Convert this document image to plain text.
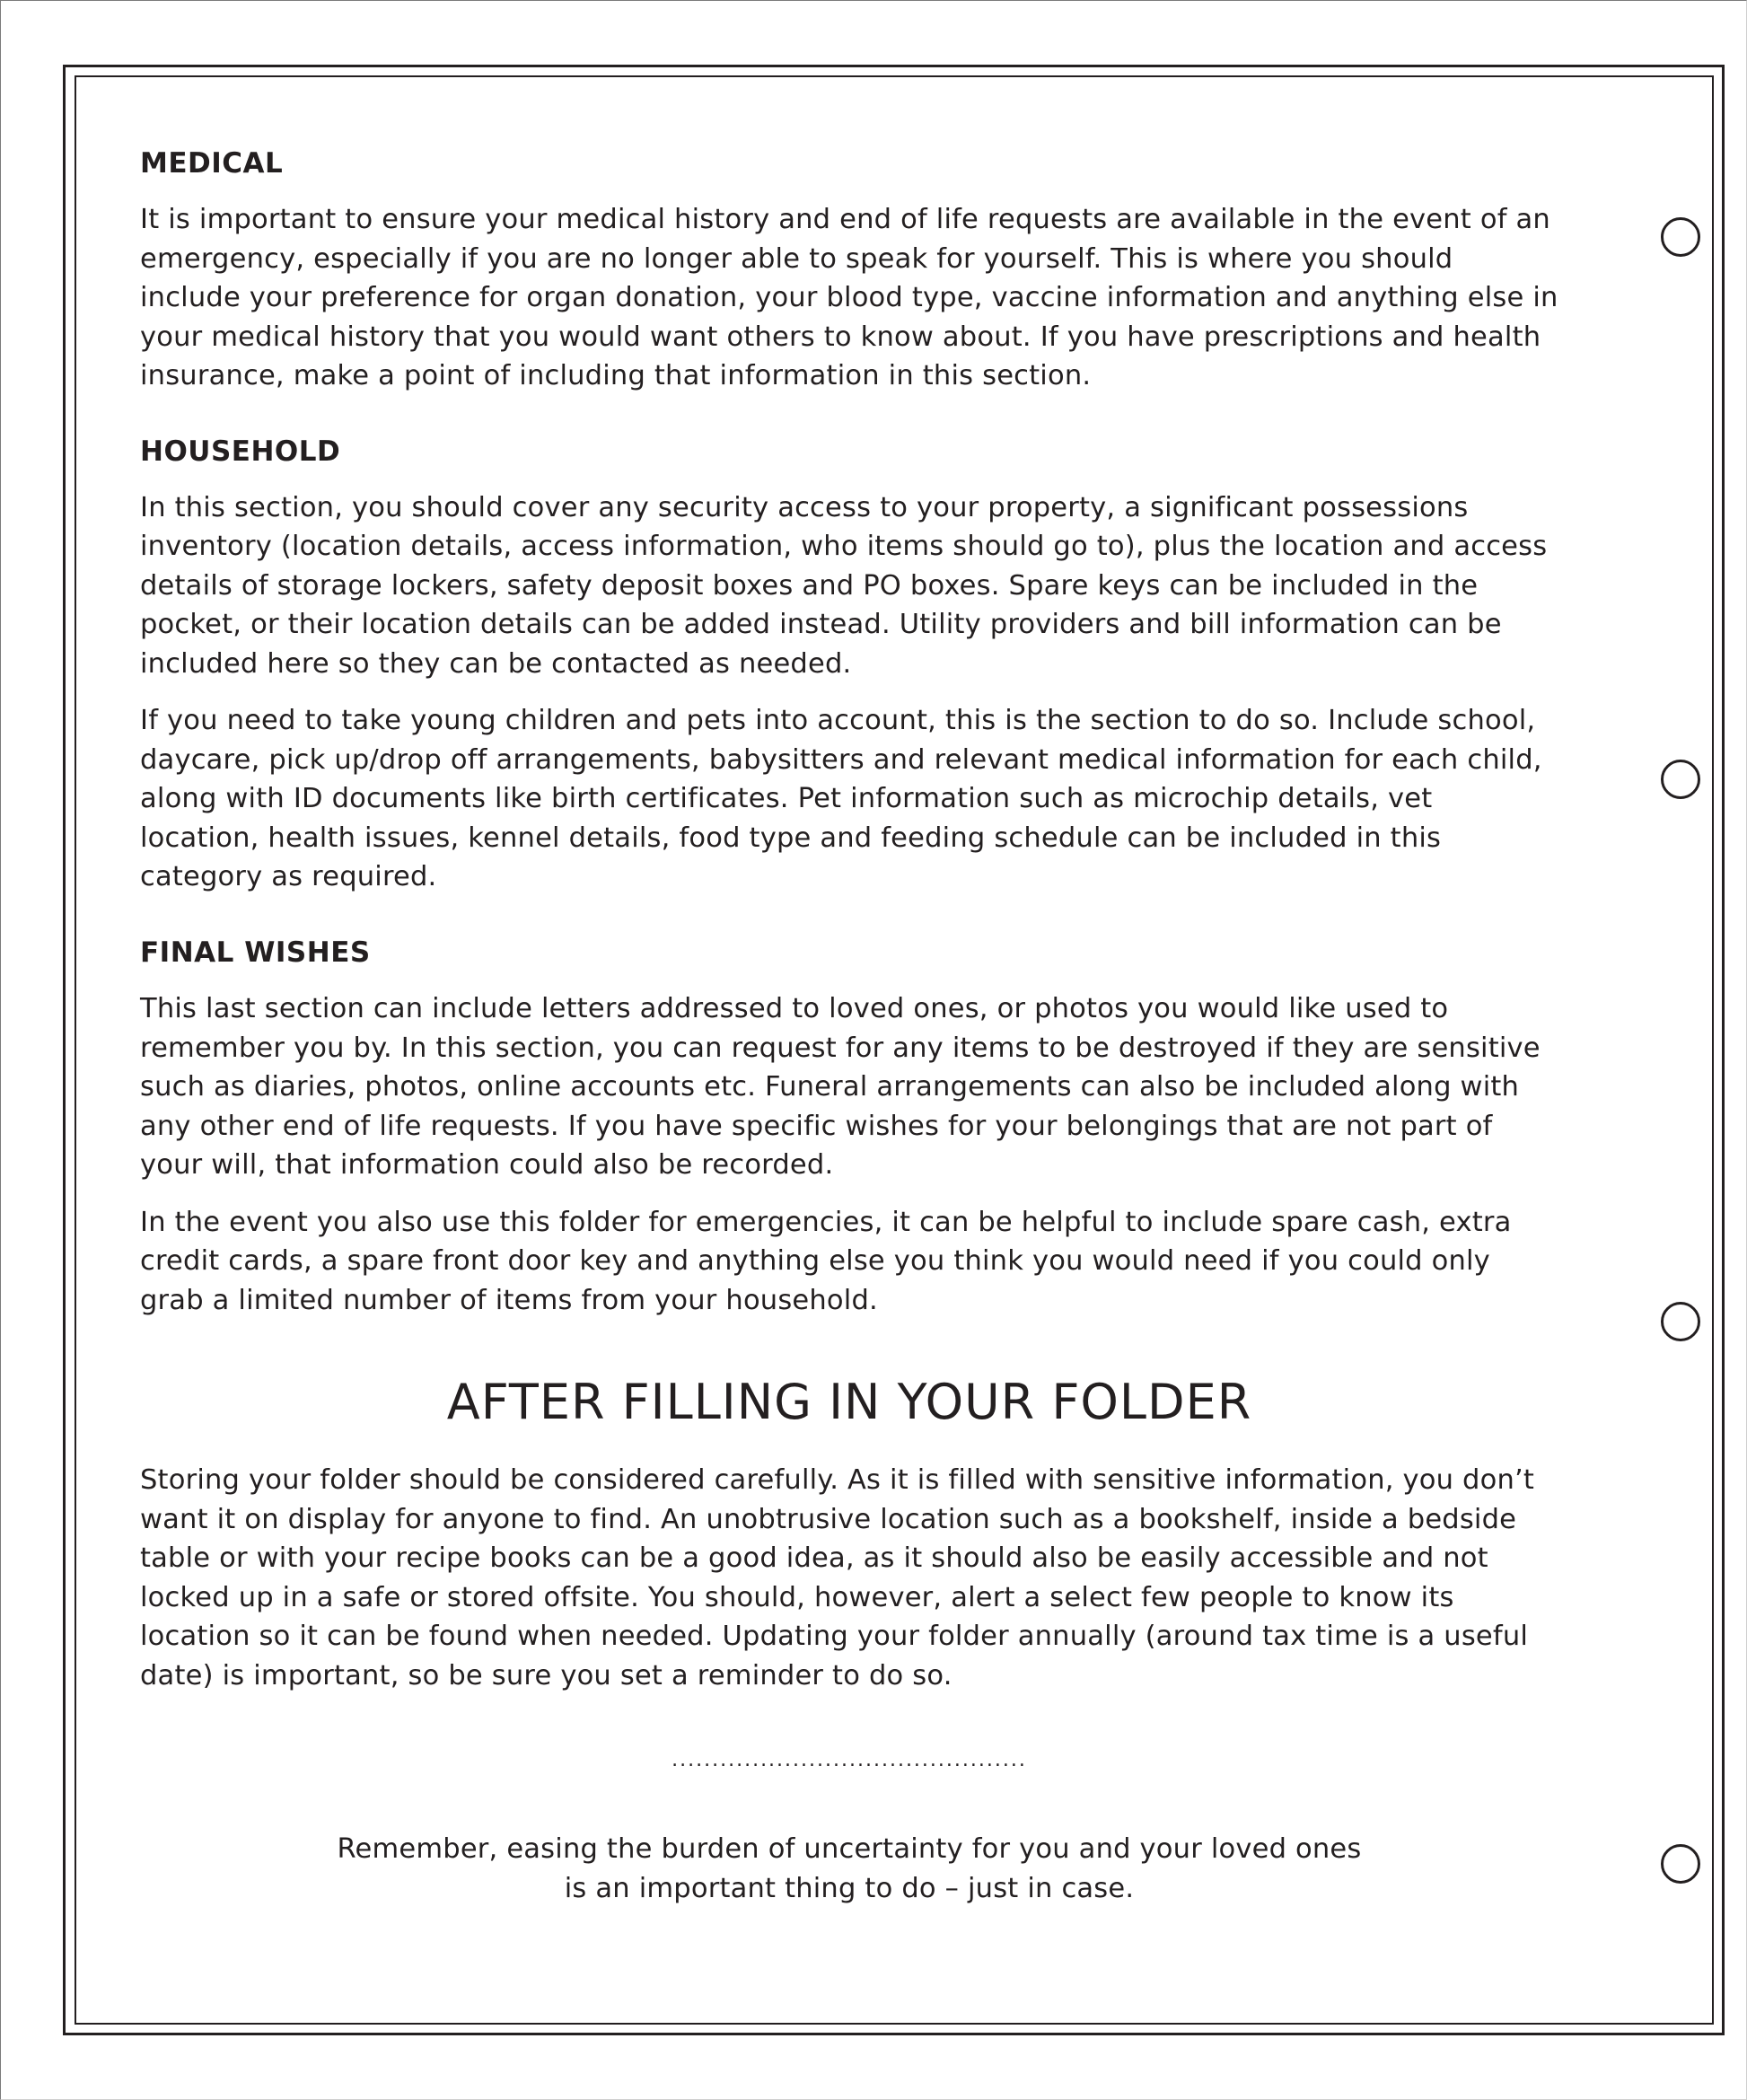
MEDICAL

It is important to ensure your medical history and end of life requests are available in the event of an emergency, especially if you are no longer able to speak for yourself. This is where you should include your preference for organ donation, your blood type, vaccine information and anything else in your medical history that you would want others to know about. If you have prescriptions and health insurance, make a point of including that information in this section.

HOUSEHOLD

In this section, you should cover any security access to your property, a significant possessions inventory (location details, access information, who items should go to), plus the location and access details of storage lockers, safety deposit boxes and PO boxes. Spare keys can be included in the pocket, or their location details can be added instead. Utility providers and bill information can be included here so they can be contacted as needed.

If you need to take young children and pets into account, this is the section to do so. Include school, daycare, pick up/drop off arrangements, babysitters and relevant medical information for each child, along with ID documents like birth certificates. Pet information such as microchip details, vet location, health issues, kennel details, food type and feeding schedule can be included in this category as required.

FINAL WISHES

This last section can include letters addressed to loved ones, or photos you would like used to remember you by. In this section, you can request for any items to be destroyed if they are sensitive such as diaries, photos, online accounts etc. Funeral arrangements can also be included along with any other end of life requests. If you have specific wishes for your belongings that are not part of your will, that information could also be recorded.

In the event you also use this folder for emergencies, it can be helpful to include spare cash, extra credit cards, a spare front door key and anything else you think you would need if you could only grab a limited number of items from your household.

AFTER FILLING IN YOUR FOLDER

Storing your folder should be considered carefully. As it is filled with sensitive information, you don’t want it on display for anyone to find. An unobtrusive location such as a bookshelf, inside a bedside table or with your recipe books can be a good idea, as it should also be easily accessible and not locked up in a safe or stored offsite. You should, however, alert a select few people to know its location so it can be found when needed. Updating your folder annually (around tax time is a useful date) is important, so be sure you set a reminder to do so.

............................................
Remember, easing the burden of uncertainty for you and your loved ones
is an important thing to do – just in case.
